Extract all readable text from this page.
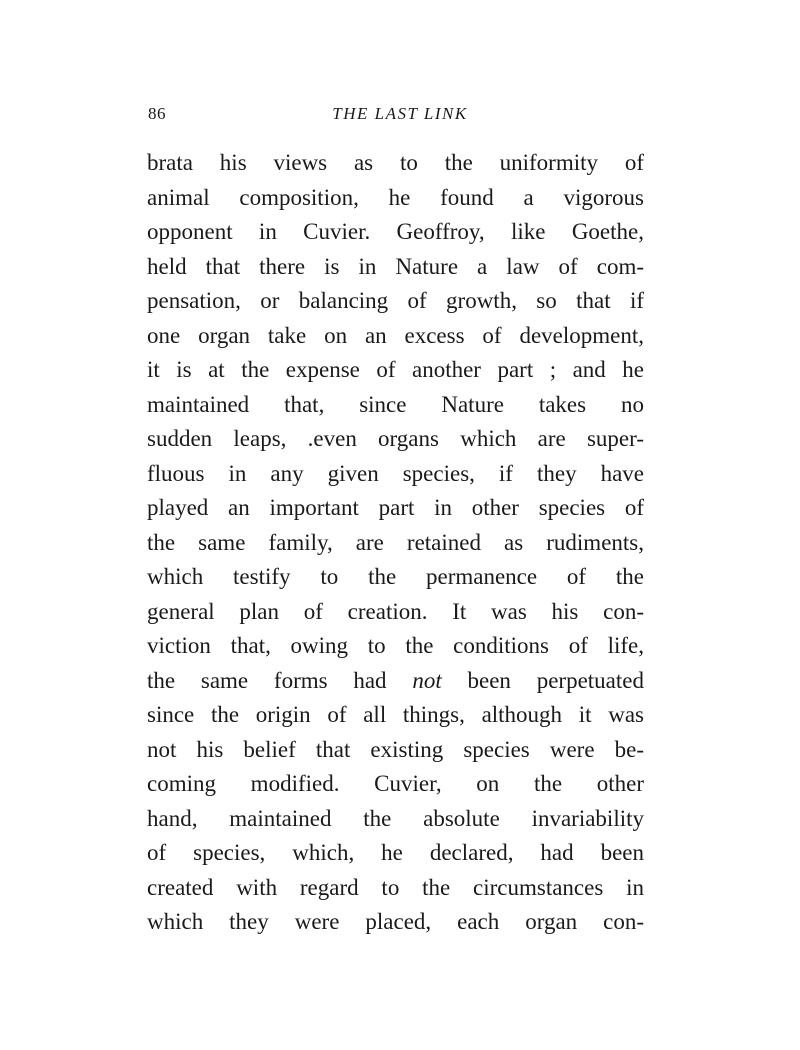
86	THE LAST LINK
brata his views as to the uniformity of
animal composition, he found a vigorous
opponent in Cuvier. Geoffroy, like Goethe,
held that there is in Nature a law of com-
pensation, or balancing of growth, so that if
one organ take on an excess of development,
it is at the expense of another part ; and he
maintained that, since Nature takes no
sudden leaps, .even organs which are super-
fluous in any given species, if they have
played an important part in other species of
the same family, are retained as rudiments,
which testify to the permanence of the
general plan of creation. It was his con-
viction that, owing to the conditions of life,
the same forms had not been perpetuated
since the origin of all things, although it was
not his belief that existing species were be-
coming modified. Cuvier, on the other
hand, maintained the absolute invariability
of species, which, he declared, had been
created with regard to the circumstances in
which they were placed, each organ con-
